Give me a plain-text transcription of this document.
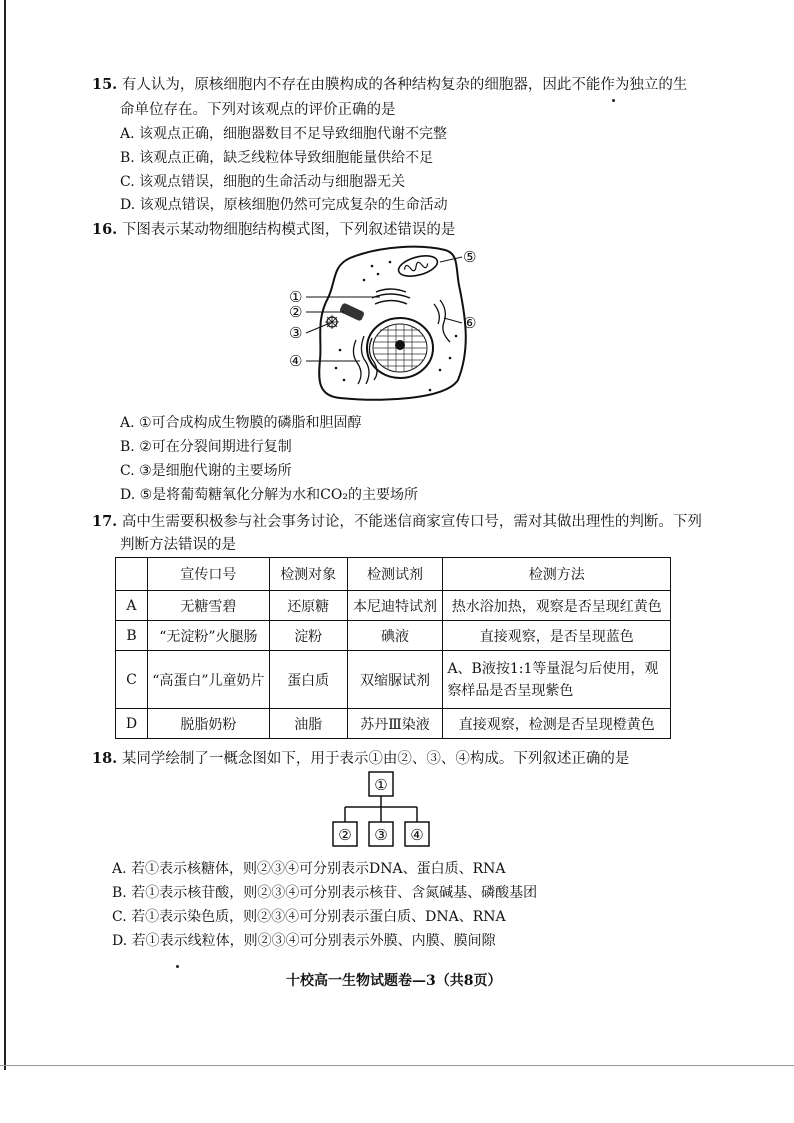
15. 有人认为，原核细胞内不存在由膜构成的各种结构复杂的细胞器，因此不能作为独立的生
命单位存在。下列对该观点的评价正确的是
A. 该观点正确，细胞器数目不足导致细胞代谢不完整
B. 该观点正确，缺乏线粒体导致细胞能量供给不足
C. 该观点错误，细胞的生命活动与细胞器无关
D. 该观点错误，原核细胞仍然可完成复杂的生命活动
16. 下图表示某动物细胞结构模式图，下列叙述错误的是
①
②
③
④
⑤
⑥
A. ①可合成构成生物膜的磷脂和胆固醇
B. ②可在分裂间期进行复制
C. ③是细胞代谢的主要场所
D. ⑤是将葡萄糖氧化分解为水和CO₂的主要场所
17. 高中生需要积极参与社会事务讨论，不能迷信商家宣传口号，需对其做出理性的判断。下列
判断方法错误的是
	宣传口号	检测对象	检测试剂	检测方法
A	无糖雪碧	还原糖	本尼迪特试剂	热水浴加热，观察是否呈现红黄色
B	“无淀粉”火腿肠	淀粉	碘液	直接观察，是否呈现蓝色
C	“高蛋白”儿童奶片	蛋白质	双缩脲试剂	A、B液按1:1等量混匀后使用，观察样品是否呈现紫色
D	脱脂奶粉	油脂	苏丹Ⅲ染液	直接观察，检测是否呈现橙黄色
18. 某同学绘制了一概念图如下，用于表示①由②、③、④构成。下列叙述正确的是
①
② ③ ④
A. 若①表示核糖体，则②③④可分别表示DNA、蛋白质、RNA
B. 若①表示核苷酸，则②③④可分别表示核苷、含氮碱基、磷酸基团
C. 若①表示染色质，则②③④可分别表示蛋白质、DNA、RNA
D. 若①表示线粒体，则②③④可分别表示外膜、内膜、膜间隙
十校高一生物试题卷—3（共8页）
